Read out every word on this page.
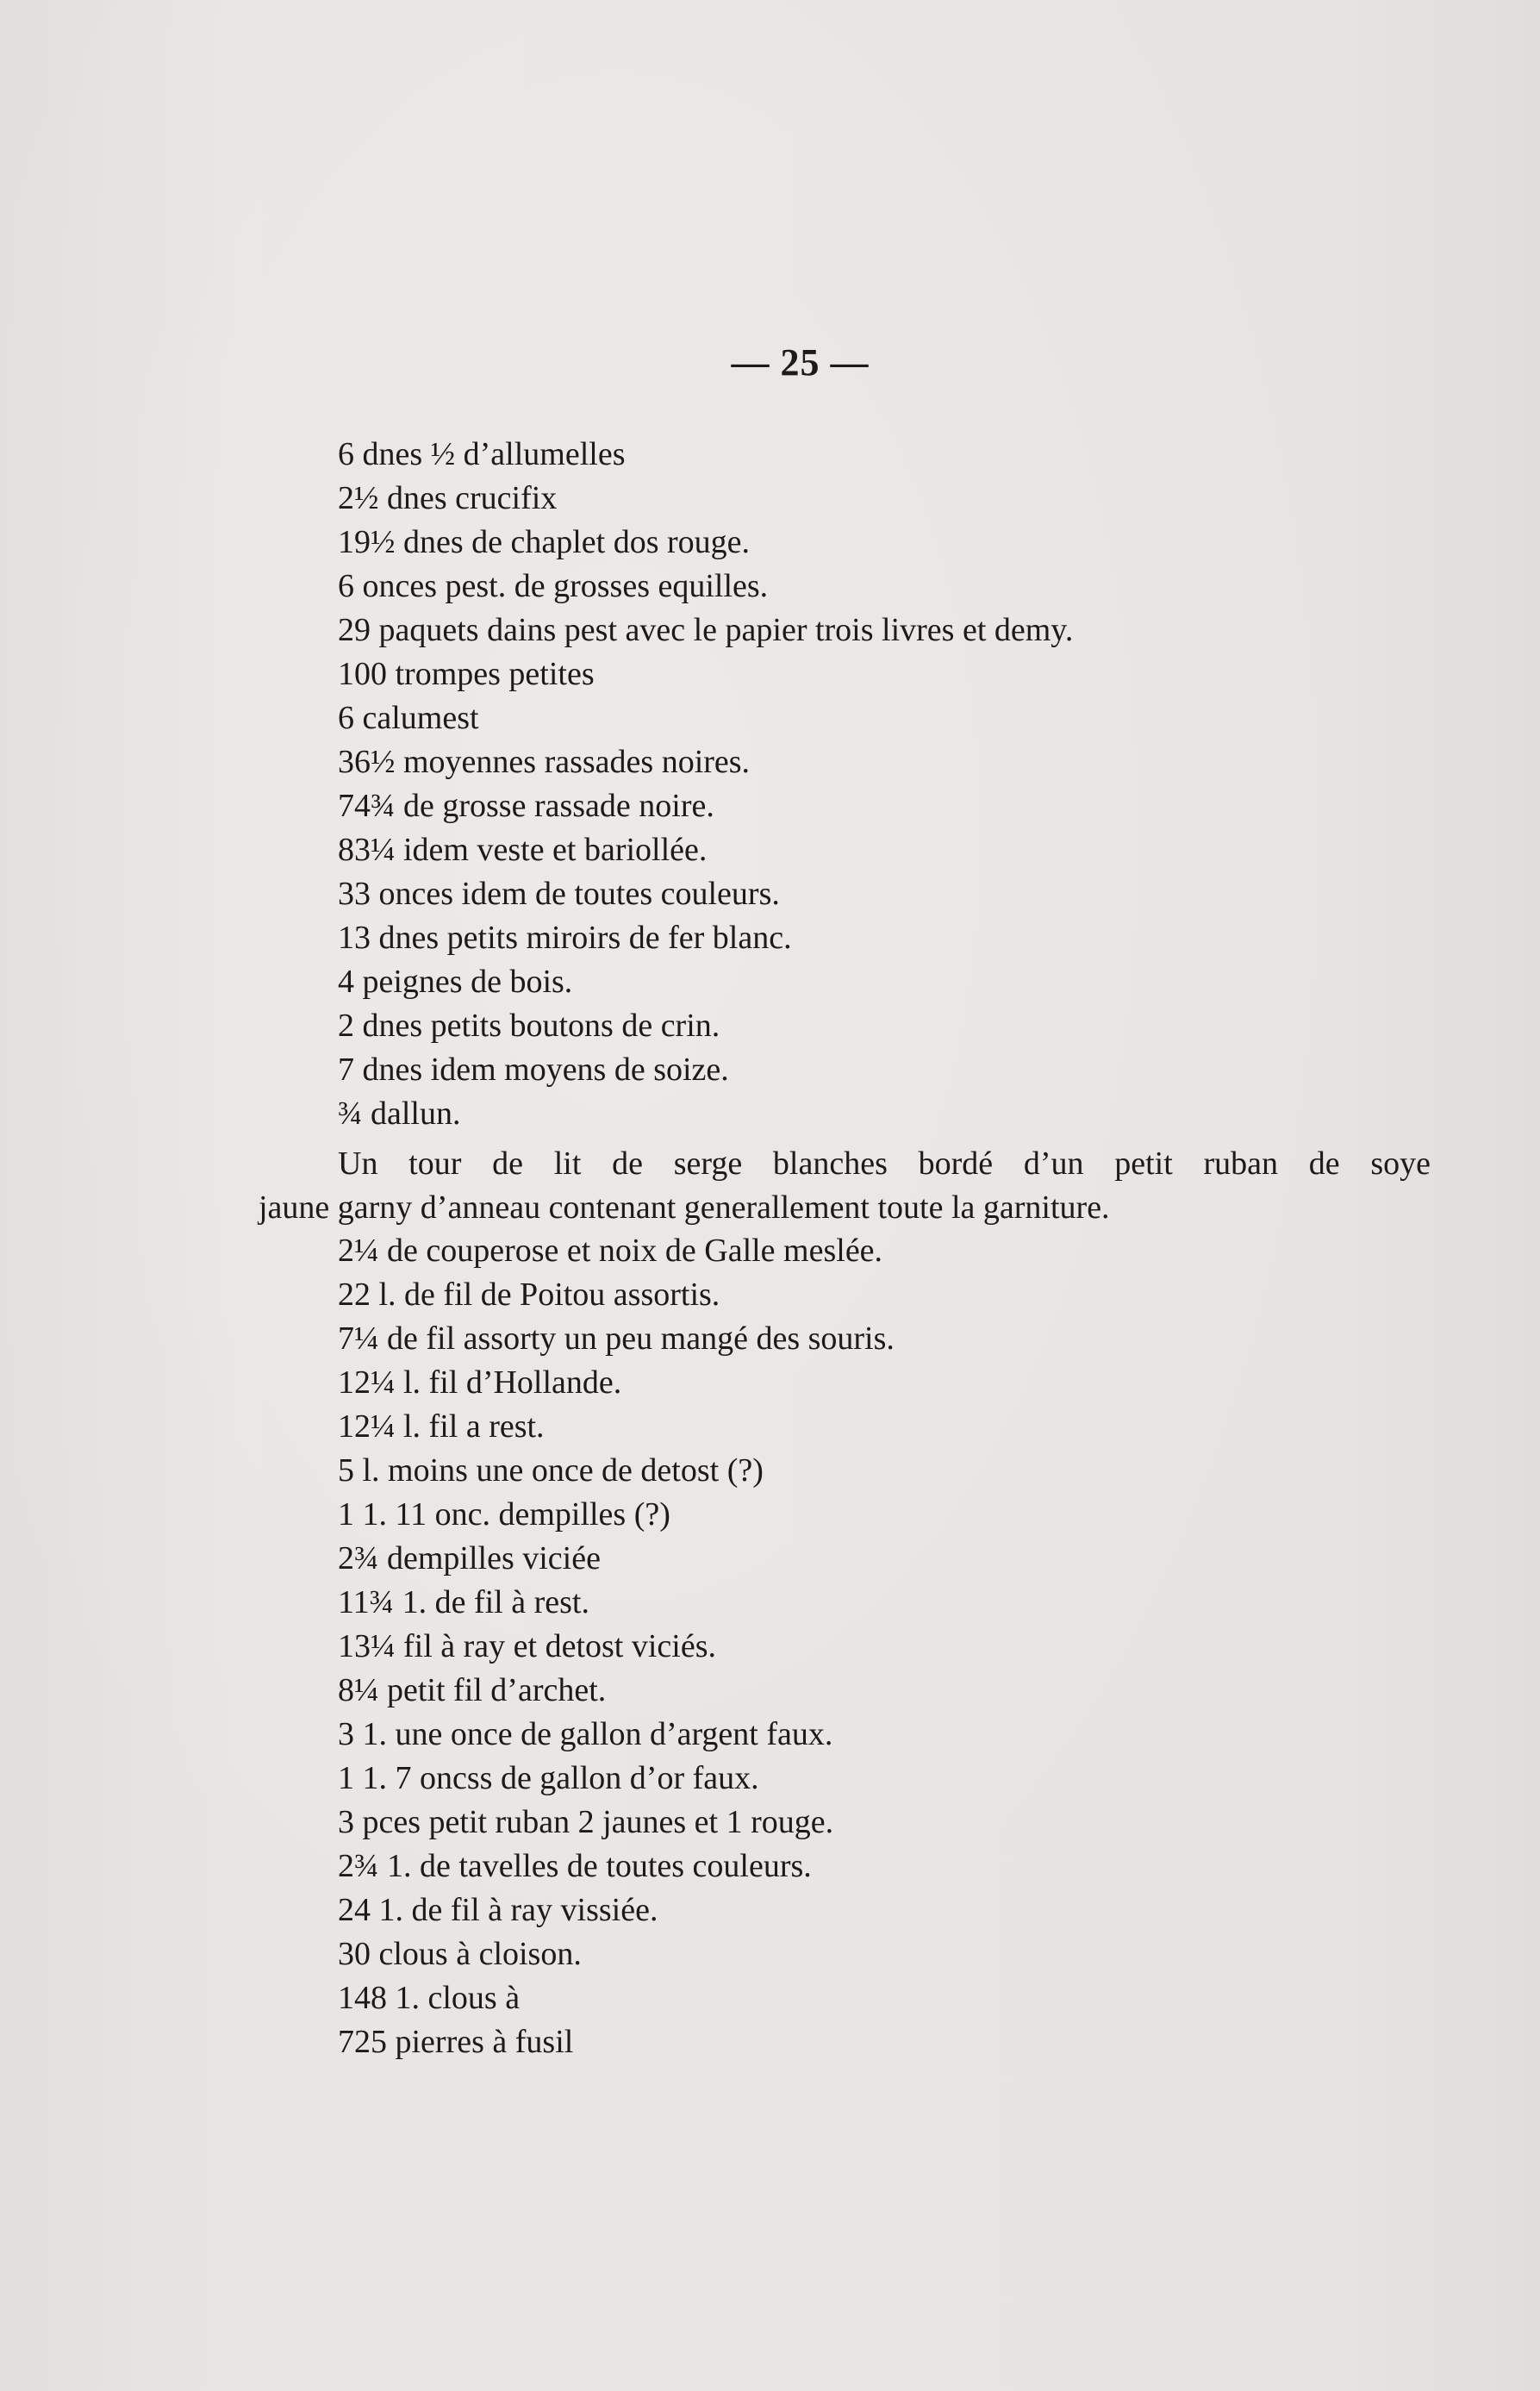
— 25 —
6 dnes ½ d’allumelles
2½ dnes crucifix
19½ dnes de chaplet dos rouge.
6 onces pest. de grosses equilles.
29 paquets dains pest avec le papier trois livres et demy.
100 trompes petites
6 calumest
36½ moyennes rassades noires.
74¾ de grosse rassade noire.
83¼ idem veste et bariollée.
33 onces idem de toutes couleurs.
13 dnes petits miroirs de fer blanc.
4 peignes de bois.
2 dnes petits boutons de crin.
7 dnes idem moyens de soize.
¾ dallun.
Un tour de lit de serge blanches bordé d’un petit ruban de soye
jaune garny d’anneau contenant generallement toute la garniture.
2¼ de couperose et noix de Galle meslée.
22 l. de fil de Poitou assortis.
7¼ de fil assorty un peu mangé des souris.
12¼ l. fil d’Hollande.
12¼ l. fil a rest.
5 l. moins une once de detost (?)
1 1. 11 onc. dempilles (?)
2¾ dempilles viciée
11¾ 1. de fil à rest.
13¼ fil à ray et detost viciés.
8¼ petit fil d’archet.
3 1. une once de gallon d’argent faux.
1 1. 7 oncss de gallon d’or faux.
3 pces petit ruban 2 jaunes et 1 rouge.
2¾ 1. de tavelles de toutes couleurs.
24 1. de fil à ray vissiée.
30 clous à cloison.
148 1. clous à
725 pierres à fusil
